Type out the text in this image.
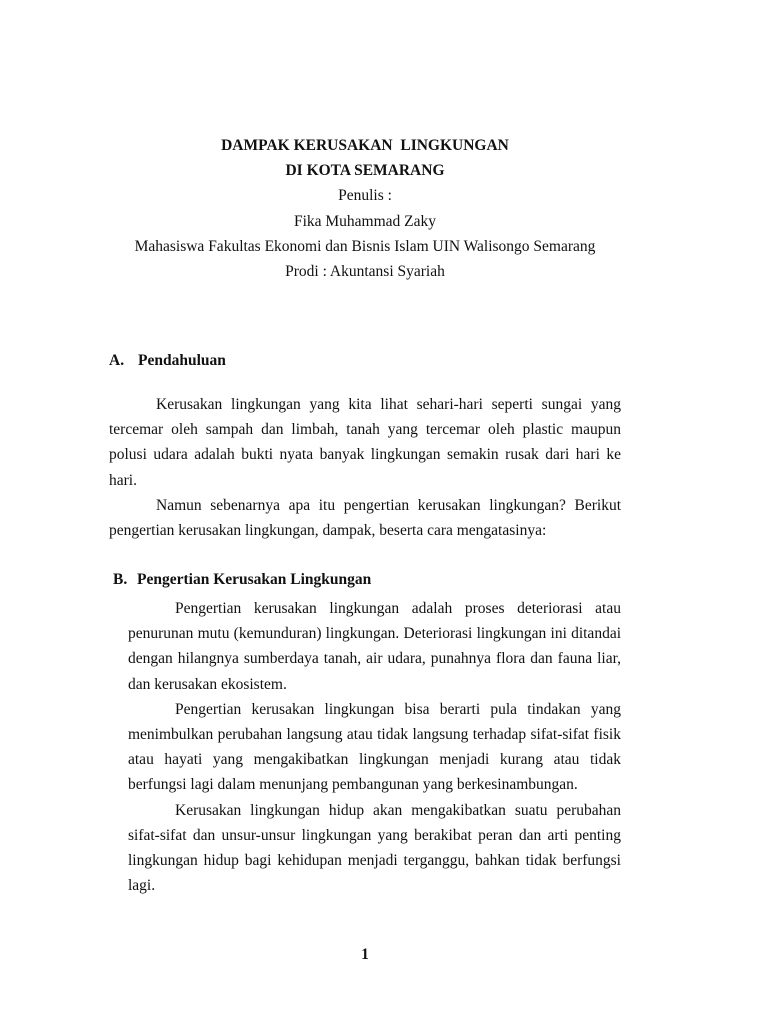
DAMPAK KERUSAKAN  LINGKUNGAN
DI KOTA SEMARANG
Penulis :
Fika Muhammad Zaky
Mahasiswa Fakultas Ekonomi dan Bisnis Islam UIN Walisongo Semarang
Prodi : Akuntansi Syariah
A. Pendahuluan
Kerusakan lingkungan yang kita lihat sehari-hari seperti sungai yang
tercemar oleh sampah dan limbah, tanah yang tercemar oleh plastic maupun
polusi udara adalah bukti nyata banyak lingkungan semakin rusak dari hari ke
hari.
Namun sebenarnya apa itu pengertian kerusakan lingkungan? Berikut
pengertian kerusakan lingkungan, dampak, beserta cara mengatasinya:
B. Pengertian Kerusakan Lingkungan
Pengertian kerusakan lingkungan adalah proses deteriorasi atau
penurunan mutu (kemunduran) lingkungan. Deteriorasi lingkungan ini ditandai
dengan hilangnya sumberdaya tanah, air udara, punahnya flora dan fauna liar,
dan kerusakan ekosistem.
Pengertian kerusakan lingkungan bisa berarti pula tindakan yang
menimbulkan perubahan langsung atau tidak langsung terhadap sifat-sifat fisik
atau hayati yang mengakibatkan lingkungan menjadi kurang atau tidak
berfungsi lagi dalam menunjang pembangunan yang berkesinambungan.
Kerusakan lingkungan hidup akan mengakibatkan suatu perubahan
sifat-sifat dan unsur-unsur lingkungan yang berakibat peran dan arti penting
lingkungan hidup bagi kehidupan menjadi terganggu, bahkan tidak berfungsi
lagi.
1
